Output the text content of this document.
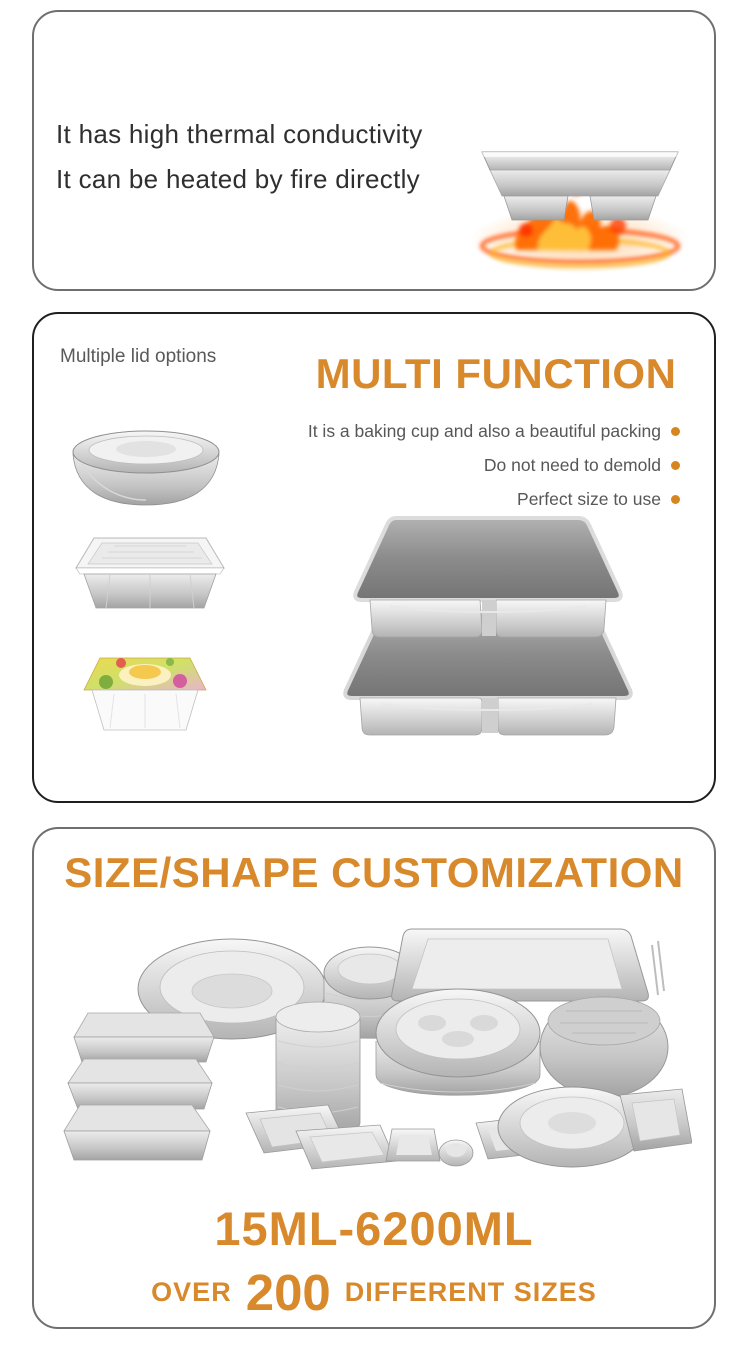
It has high thermal conductivity
It can be heated by fire directly
Multiple lid options MULTI FUNCTION
It is a baking cup and also a beautiful packing
Do not need to demold
Perfect size to use
SIZE/SHAPE CUSTOMIZATION
15ML-6200ML
OVER 200 DIFFERENT SIZES
